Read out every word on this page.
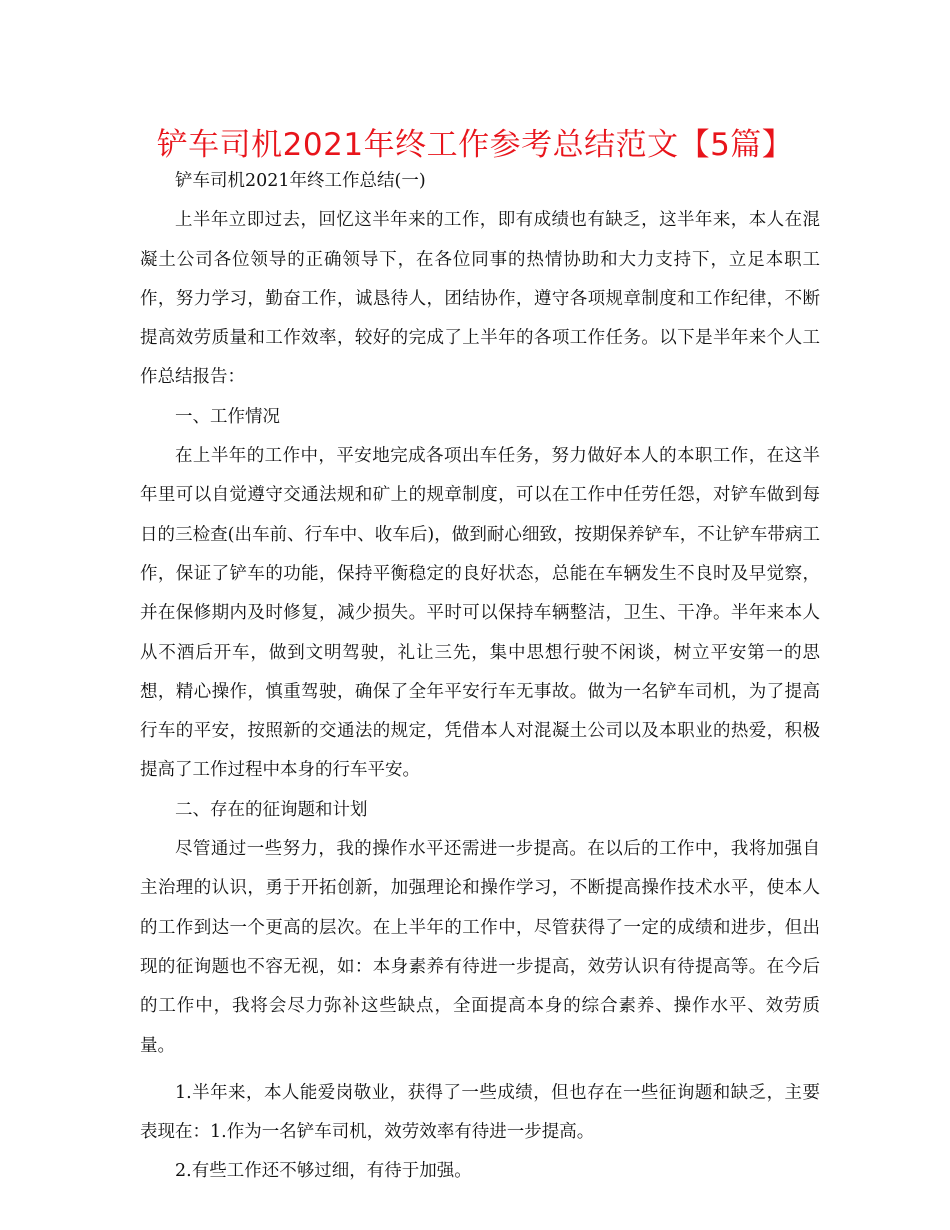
铲车司机2021年终工作参考总结范文【5篇】

铲车司机2021年终工作总结(一)

上半年立即过去，回忆这半年来的工作，即有成绩也有缺乏，这半年来，本人在混凝土公司各位领导的正确领导下，在各位同事的热情协助和大力支持下，立足本职工作，努力学习，勤奋工作，诚恳待人，团结协作，遵守各项规章制度和工作纪律，不断提高效劳质量和工作效率，较好的完成了上半年的各项工作任务。以下是半年来个人工作总结报告：

一、工作情况

在上半年的工作中，平安地完成各项出车任务，努力做好本人的本职工作，在这半年里可以自觉遵守交通法规和矿上的规章制度，可以在工作中任劳任怨，对铲车做到每日的三检查(出车前、行车中、收车后)，做到耐心细致，按期保养铲车，不让铲车带病工作，保证了铲车的功能，保持平衡稳定的良好状态，总能在车辆发生不良时及早觉察，并在保修期内及时修复，减少损失。平时可以保持车辆整洁，卫生、干净。半年来本人从不酒后开车，做到文明驾驶，礼让三先，集中思想行驶不闲谈，树立平安第一的思想，精心操作，慎重驾驶，确保了全年平安行车无事故。做为一名铲车司机，为了提高行车的平安，按照新的交通法的规定，凭借本人对混凝土公司以及本职业的热爱，积极提高了工作过程中本身的行车平安。

二、存在的征询题和计划

尽管通过一些努力，我的操作水平还需进一步提高。在以后的工作中，我将加强自主治理的认识，勇于开拓创新，加强理论和操作学习，不断提高操作技术水平，使本人的工作到达一个更高的层次。在上半年的工作中，尽管获得了一定的成绩和进步，但出现的征询题也不容无视，如：本身素养有待进一步提高，效劳认识有待提高等。在今后的工作中，我将会尽力弥补这些缺点，全面提高本身的综合素养、操作水平、效劳质量。

1.半年来，本人能爱岗敬业，获得了一些成绩，但也存在一些征询题和缺乏，主要表现在：1.作为一名铲车司机，效劳效率有待进一步提高。

2.有些工作还不够过细，有待于加强。
